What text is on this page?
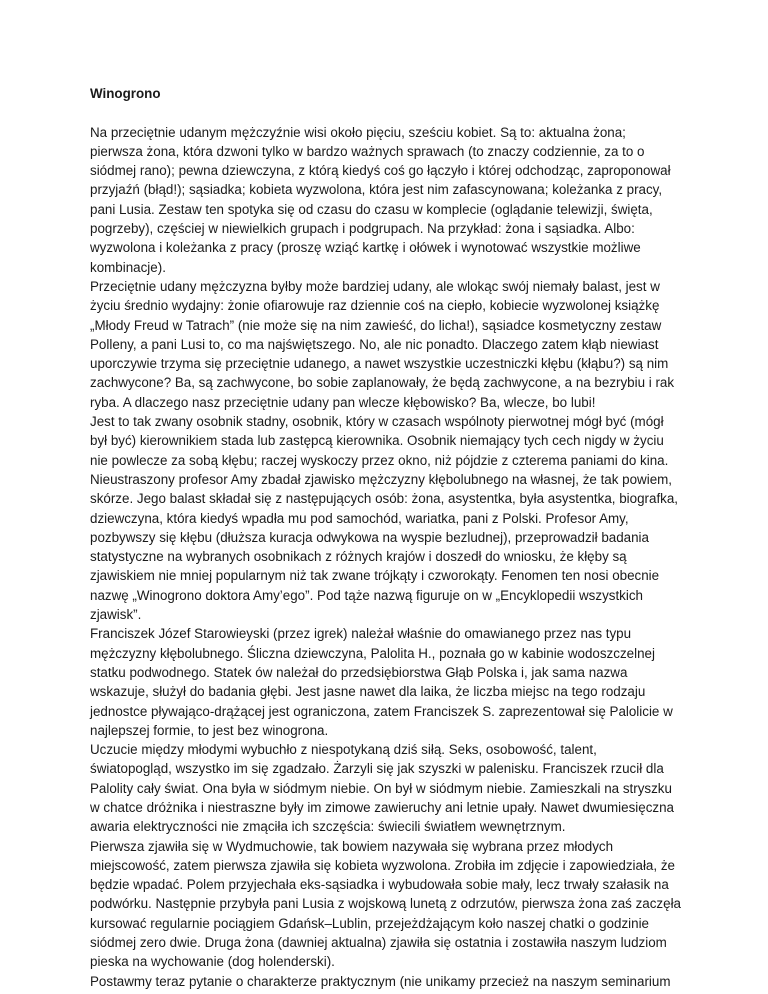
Winogrono

Na przeciętnie udanym mężczyźnie wisi około pięciu, sześciu kobiet. Są to: aktualna żona; pierwsza żona, która dzwoni tylko w bardzo ważnych sprawach (to znaczy codziennie, za to o siódmej rano); pewna dziewczyna, z którą kiedyś coś go łączyło i której odchodząc, zaproponował przyjaźń (błąd!); sąsiadka; kobieta wyzwolona, która jest nim zafascynowana; koleżanka z pracy, pani Lusia. Zestaw ten spotyka się od czasu do czasu w komplecie (oglądanie telewizji, święta, pogrzeby), częściej w niewielkich grupach i podgrupach. Na przykład: żona i sąsiadka. Albo: wyzwolona i koleżanka z pracy (proszę wziąć kartkę i ołówek i wynotować wszystkie możliwe kombinacje).

Przeciętnie udany mężczyzna byłby może bardziej udany, ale wlokąc swój niemały balast, jest w życiu średnio wydajny: żonie ofiarowuje raz dziennie coś na ciepło, kobiecie wyzwolonej książkę „Młody Freud w Tatrach” (nie może się na nim zawieść, do licha!), sąsiadce kosmetyczny zestaw Polleny, a pani Lusi to, co ma najświętszego. No, ale nic ponadto. Dlaczego zatem kłąb niewiast uporczywie trzyma się przeciętnie udanego, a nawet wszystkie uczestniczki kłębu (kłąbu?) są nim zachwycone? Ba, są zachwycone, bo sobie zaplanowały, że będą zachwycone, a na bezrybiu i rak ryba. A dlaczego nasz przeciętnie udany pan wlecze kłębowisko? Ba, wlecze, bo lubi!

Jest to tak zwany osobnik stadny, osobnik, który w czasach wspólnoty pierwotnej mógł być (mógł był być) kierownikiem stada lub zastępcą kierownika. Osobnik niemający tych cech nigdy w życiu nie powlecze za sobą kłębu; raczej wyskoczy przez okno, niż pójdzie z czterema paniami do kina.

Nieustraszony profesor Amy zbadał zjawisko mężczyzny kłębolubnego na własnej, że tak powiem, skórze. Jego balast składał się z następujących osób: żona, asystentka, była asystentka, biografka, dziewczyna, która kiedyś wpadła mu pod samochód, wariatka, pani z Polski. Profesor Amy, pozbywszy się kłębu (dłuższa kuracja odwykowa na wyspie bezludnej), przeprowadził badania statystyczne na wybranych osobnikach z różnych krajów i doszedł do wniosku, że kłęby są zjawiskiem nie mniej popularnym niż tak zwane trójkąty i czworokąty. Fenomen ten nosi obecnie nazwę „Winogrono doktora Amy’ego”. Pod tąże nazwą figuruje on w „Encyklopedii wszystkich zjawisk”.

Franciszek Józef Starowieyski (przez igrek) należał właśnie do omawianego przez nas typu mężczyzny kłębolubnego. Śliczna dziewczyna, Palolita H., poznała go w kabinie wodoszczelnej statku podwodnego. Statek ów należał do przedsiębiorstwa Głąb Polska i, jak sama nazwa wskazuje, służył do badania głębi. Jest jasne nawet dla laika, że liczba miejsc na tego rodzaju jednostce pływająco-drążącej jest ograniczona, zatem Franciszek S. zaprezentował się Palolicie w najlepszej formie, to jest bez winogrona.

Uczucie między młodymi wybuchło z niespotykaną dziś siłą. Seks, osobowość, talent, światopogląd, wszystko im się zgadzało. Żarzyli się jak szyszki w palenisku. Franciszek rzucił dla Palolity cały świat. Ona była w siódmym niebie. On był w siódmym niebie. Zamieszkali na stryszku w chatce dróżnika i niestraszne były im zimowe zawieruchy ani letnie upały. Nawet dwumiesięczna awaria elektryczności nie zmąciła ich szczęścia: świecili światłem wewnętrznym.

Pierwsza zjawiła się w Wydmuchowie, tak bowiem nazywała się wybrana przez młodych miejscowość, zatem pierwsza zjawiła się kobieta wyzwolona. Zrobiła im zdjęcie i zapowiedziała, że będzie wpadać. Polem przyjechała eks-sąsiadka i wybudowała sobie mały, lecz trwały szałasik na podwórku. Następnie przybyła pani Lusia z wojskową lunetą z odrzutów, pierwsza żona zaś zaczęła kursować regularnie pociągiem Gdańsk–Lublin, przejeżdżającym koło naszej chatki o godzinie siódmej zero dwie. Druga żona (dawniej aktualna) zjawiła się ostatnia i zostawiła naszym ludziom pieska na wychowanie (dog holenderski).

Postawmy teraz pytanie o charakterze praktycznym (nie unikamy przecież na naszym seminarium
